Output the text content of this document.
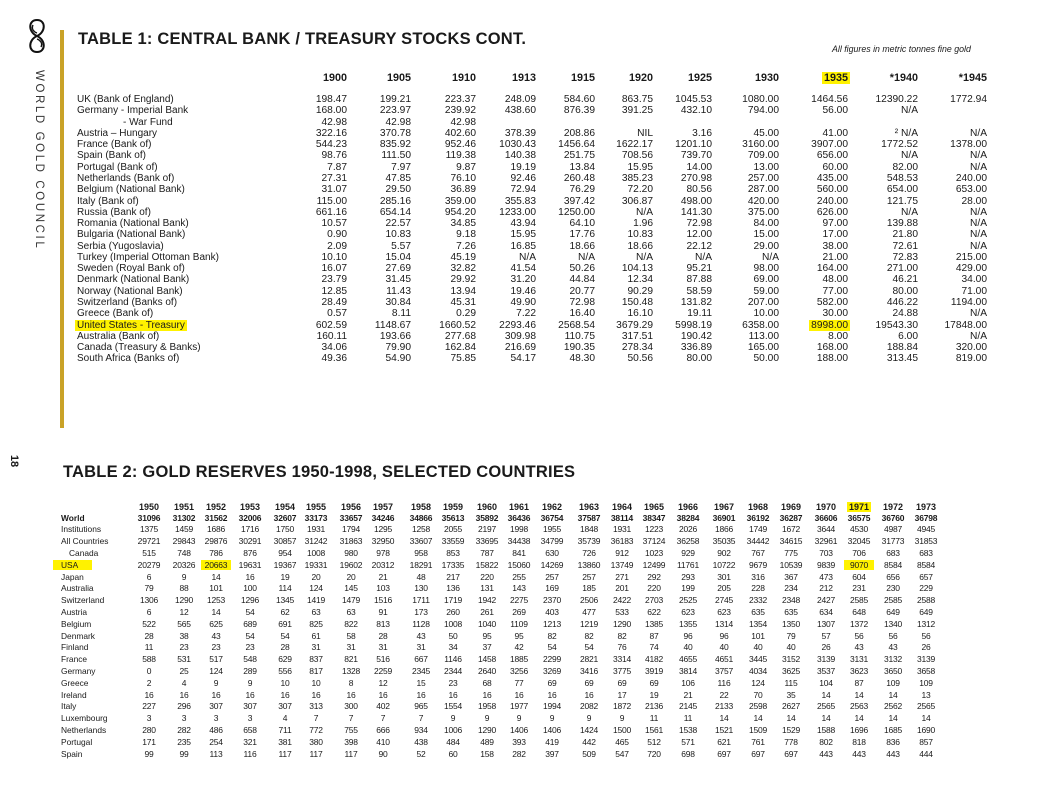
WORLD GOLD COUNCIL
18
TABLE 1: CENTRAL BANK / TREASURY STOCKS CONT.
All figures in metric tonnes fine gold
1900	1905	1910	1913	1915	1920	1925	1930	1935	*1940	*1945
UK (Bank of England)	198.47	199.21	223.37	248.09	584.60	863.75	1045.53	1080.00	1464.56	12390.22	1772.94
Germany - Imperial Bank	168.00	223.97	239.92	438.60	876.39	391.25	432.10	794.00	56.00	N/A
- War Fund	42.98	42.98	42.98
Austria – Hungary	322.16	370.78	402.60	378.39	208.86	NIL	3.16	45.00	41.00	² N/A	N/A
France (Bank of)	544.23	835.92	952.46	1030.43	1456.64	1622.17	1201.10	3160.00	3907.00	1772.52	1378.00
Spain (Bank of)	98.76	111.50	119.38	140.38	251.75	708.56	739.70	709.00	656.00	N/A	N/A
Portugal (Bank of)	7.87	7.97	9.87	19.19	13.84	15.95	14.00	13.00	60.00	82.00	N/A
Netherlands (Bank of)	27.31	47.85	76.10	92.46	260.48	385.23	270.98	257.00	435.00	548.53	240.00
Belgium (National Bank)	31.07	29.50	36.89	72.94	76.29	72.20	80.56	287.00	560.00	654.00	653.00
Italy (Bank of)	115.00	285.16	359.00	355.83	397.42	306.87	498.00	420.00	240.00	121.75	28.00
Russia (Bank of)	661.16	654.14	954.20	1233.00	1250.00	N/A	141.30	375.00	626.00	N/A	N/A
Romania (National Bank)	10.57	22.57	34.85	43.94	64.10	1.96	72.98	84.00	97.00	139.88	N/A
Bulgaria (National Bank)	0.90	10.83	9.18	15.95	17.76	10.83	12.00	15.00	17.00	21.80	N/A
Serbia (Yugoslavia)	2.09	5.57	7.26	16.85	18.66	18.66	22.12	29.00	38.00	72.61	N/A
Turkey (Imperial Ottoman Bank)	10.10	15.04	45.19	N/A	N/A	N/A	N/A	N/A	21.00	72.83	215.00
Sweden (Royal Bank of)	16.07	27.69	32.82	41.54	50.26	104.13	95.21	98.00	164.00	271.00	429.00
Denmark (National Bank)	23.79	31.45	29.92	31.20	44.84	12.34	87.88	69.00	48.00	46.21	34.00
Norway (National Bank)	12.85	11.43	13.94	19.46	20.77	90.29	58.59	59.00	77.00	80.00	71.00
Switzerland (Banks of)	28.49	30.84	45.31	49.90	72.98	150.48	131.82	207.00	582.00	446.22	1194.00
Greece (Bank of)	0.57	8.11	0.29	7.22	16.40	16.10	19.11	10.00	30.00	24.88	N/A
United States - Treasury	602.59	1148.67	1660.52	2293.46	2568.54	3679.29	5998.19	6358.00	8998.00	19543.30	17848.00
Australia (Bank of)	160.11	193.66	277.68	309.98	110.75	317.51	190.42	113.00	8.00	6.00	N/A
Canada (Treasury & Banks)	34.06	79.90	162.84	216.69	190.35	278.34	336.89	165.00	168.00	188.84	320.00
South Africa (Banks of)	49.36	54.90	75.85	54.17	48.30	50.56	80.00	50.00	188.00	313.45	819.00
TABLE 2: GOLD RESERVES 1950-1998, SELECTED COUNTRIES
1950	1951	1952	1953	1954	1955	1956	1957	1958	1959	1960	1961	1962	1963	1964	1965	1966	1967	1968	1969	1970	1971	1972	1973
World	31096	31302	31562	32006	32607 33173	33657	34246	34866	35613	35892	36436	36754	37587	38114	38347	38284	36901	36192	36287	36606	36575	36760	36798
Institutions	1375	1459	1686	1716	1750	1931	1794	1295	1258	2055	2197	1998	1955	1848	1931	1223	2026	1866	1749	1672	3644	4530	4987	4945
All Countries	29721	29843	29876	30291	30857 31242	31863	32950	33607	33559	33695	34438	34799	35739	36183	37124	36258	35035	34442	34615	32961	32045	31773	31853
Canada	515	748	786	876	954	1008	980	978	958	853	787	841	630	726	912	1023	929	902	767	775	703	706	683	683
USA	20279	20326	20663	19631	19367 19331	19602	20312	18291	17335	15822	15060	14269	13860	13749	12499	11761	10722	9679	10539	9839	9070	8584	8584
Japan	6	9	14	16	19	20	20	21	48	217	220	255	257	257	271	292	293	301	316	367	473	604	656	657
Australia	79	88	101	100	114	124	145	103	130	136	131	143	169	185	201	220	199	205	228	234	212	231	230	229
Switzerland	1306	1290	1253	1296	1345	1419	1479	1516	1711	1719	1942	2275	2370	2506	2422	2703	2525	2745	2332	2348	2427	2585	2585	2588
Austria	6	12	14	54	62	63	63	91	173	260	261	269	403	477	533	622	623	623	635	635	634	648	649	649
Belgium	522	565	625	689	691	825	822	813	1128	1008	1040	1109	1213	1219	1290	1385	1355	1314	1354	1350	1307	1372	1340	1312
Denmark	28	38	43	54	54	61	58	28	43	50	95	95	82	82	82	87	96	96	101	79	57	56	56	56
Finland	11	23	23	23	28	31	31	31	31	34	37	42	54	54	76	74	40	40	40	40	26	43	43	26
France	588	531	517	548	629	837	821	516	667	1146	1458	1885	2299	2821	3314	4182	4655	4651	3445	3152	3139	3131	3132	3139
Germany	0	25	124	289	556	817	1328	2259	2345	2344	2640	3256	3269	3416	3775	3919	3814	3757	4034	3625	3537	3623	3650	3658
Greece	2	4	9	9	10	10	8	12	15	23	68	77	69	69	69	69	106	116	124	115	104	87	109	109
Ireland	16	16	16	16	16	16	16	16	16	16	16	16	16	16	17	19	21	22	70	35	14	14	14	13
Italy	227	296	307	307	307	313	300	402	965	1554	1958	1977	1994	2082	1872	2136	2145	2133	2598	2627	2565	2563	2562	2565
Luxembourg	3	3	3	3	4	7	7	7	7	9	9	9	9	9	9	11	11	14	14	14	14	14	14	14
Netherlands	280	282	486	658	711	772	755	666	934	1006	1290	1406	1406	1424	1500	1561	1538	1521	1509	1529	1588	1696	1685	1690
Portugal	171	235	254	321	381	380	398	410	438	484	489	393	419	442	465	512	571	621	761	778	802	818	836	857
Spain	99	99	113	116	117	117	117	90	52	60	158	282	397	509	547	720	698	697	697	697	443	443	443	444
